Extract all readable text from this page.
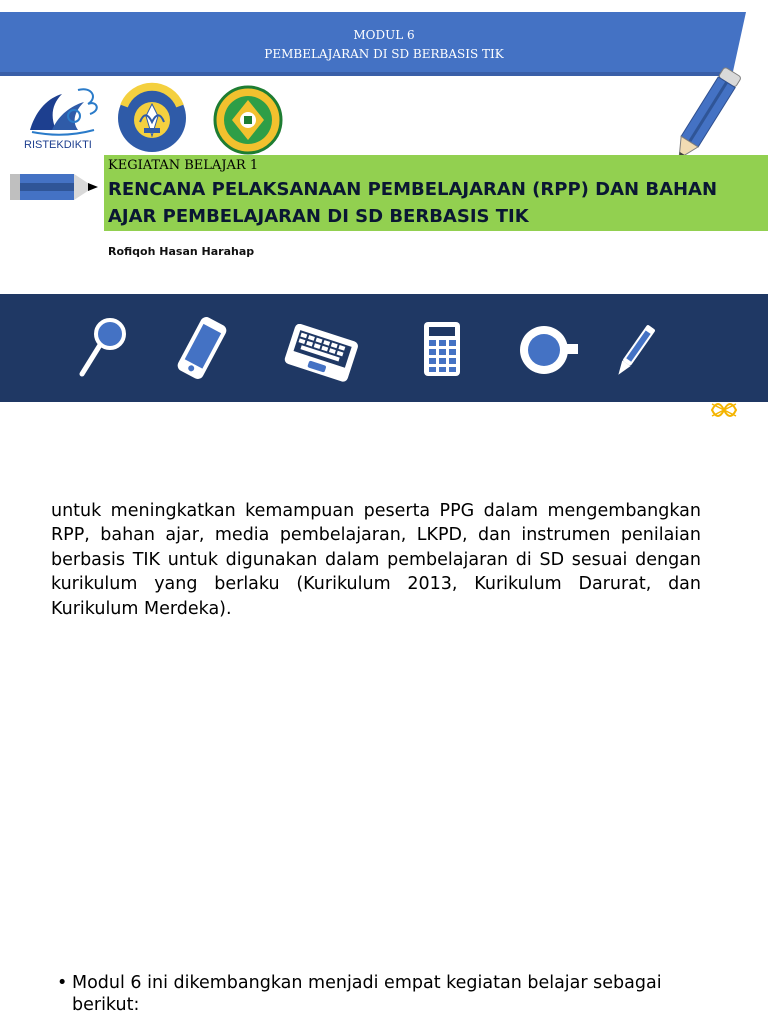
MODUL 6
PEMBELAJARAN DI SD BERBASIS TIK
RISTEKDIKTI
KEGIATAN BELAJAR 1
RENCANA PELAKSANAAN PEMBELAJARAN (RPP) DAN BAHAN AJAR PEMBELAJARAN DI SD BERBASIS TIK
Rofiqoh Hasan Harahap
untuk meningkatkan kemampuan peserta PPG dalam mengembangkan RPP, bahan ajar, media pembelajaran, LKPD, dan instrumen penilaian berbasis TIK untuk digunakan dalam pembelajaran di SD sesuai dengan kurikulum yang berlaku (Kurikulum 2013, Kurikulum Darurat, dan Kurikulum Merdeka).
• Modul 6 ini dikembangkan menjadi empat kegiatan belajar sebagai berikut:
